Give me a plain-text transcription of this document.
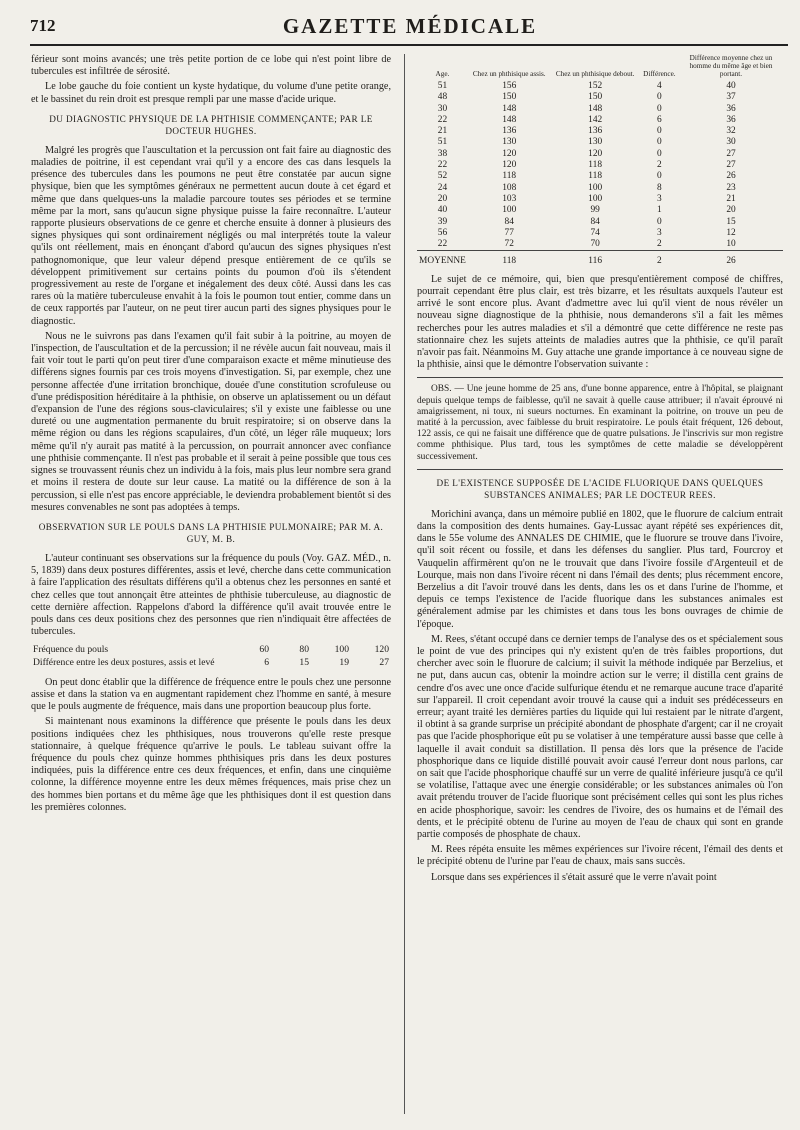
712	GAZETTE MÉDICALE

férieur sont moins avancés; une très petite portion de ce lobe qui n'est point libre de tubercules est infiltrée de sérosité.

Le lobe gauche du foie contient un kyste hydatique, du volume d'une petite orange, et le bassinet du rein droit est presque rempli par une masse d'acide urique.

DU DIAGNOSTIC PHYSIQUE DE LA PHTHISIE COMMENÇANTE; PAR LE DOCTEUR HUGHES.

Malgré les progrès que l'auscultation et la percussion ont fait faire au diagnostic des maladies de poitrine, il est cependant vrai qu'il y a encore des cas dans lesquels la présence des tubercules dans les poumons ne peut être constatée par aucun signe physique, bien que les symptômes généraux ne permettent aucun doute à cet égard et même que dans quelques-uns la maladie parcoure toutes ses périodes et se termine même par la mort, sans qu'aucun signe physique puisse la faire reconnaître. L'auteur rapporte plusieurs observations de ce genre et cherche ensuite à donner à plusieurs des signes physiques qui sont ordinairement négligés ou mal interprétés toute la valeur qu'ils ont réellement, mais en énonçant d'abord qu'aucun des signes physiques n'est pathognomonique, que leur valeur dépend presque entièrement de ce qu'ils se développent primitivement sur certains points du poumon d'où ils s'étendent progressivement au reste de l'organe et inégalement des deux côté. Aussi dans les cas rares où la matière tuberculeuse envahit à la fois le poumon tout entier, comme dans un de ceux rapportés par l'auteur, on ne peut tirer aucun parti des signes physiques pour le diagnostic.

Nous ne le suivrons pas dans l'examen qu'il fait subir à la poitrine, au moyen de l'inspection, de l'auscultation et de la percussion; il ne révèle aucun fait nouveau, mais il fait voir tout le parti qu'on peut tirer d'une comparaison exacte et même minutieuse des différens signes fournis par ces trois moyens d'investigation. Si, par exemple, chez une personne affectée d'une irritation bronchique, douée d'une constitution scrofuleuse ou d'une prédisposition héréditaire à la phthisie, on observe un aplatissement ou un défaut d'expansion de l'une des régions sous-claviculaires; s'il y existe une faiblesse ou une dureté ou une augmentation permanente du bruit respiratoire; si on observe dans la même région ou dans les régions scapulaires, d'un côté, un léger râle muqueux; lors même qu'il n'y aurait pas matité à la percussion, on pourrait annoncer avec confiance une phthisie commençante. Il n'est pas probable et il serait à peine possible que tous ces signes se trouvassent réunis chez un individu à la fois, mais plus leur nombre sera grand et moins il restera de doute sur leur cause. La matité ou la différence de son à la percussion, si elle n'est pas encore appréciable, le deviendra probablement bientôt si des mesures convenables ne sont pas adoptées à temps.

OBSERVATION SUR LE POULS DANS LA PHTHISIE PULMONAIRE; PAR M. A. GUY, M. B.

L'auteur continuant ses observations sur la fréquence du pouls (Voy. GAZ. MÉD., n. 5, 1839) dans deux postures différentes, assis et levé, cherche dans cette communication à faire l'application des résultats différens qu'il a obtenus chez les personnes en santé et chez celles que tout annonçait être atteintes de phthisie tuberculeuse, au diagnostic de cette dernière affection. Rappelons d'abord la différence qu'il avait trouvée entre le pouls dans ces deux positions chez des personnes que rien n'indiquait être affectées de tubercules.

Fréquence du pouls	60	80	100	120
Différence entre les deux postures, assis et levé	6	15	19	27

On peut donc établir que la différence de fréquence entre le pouls chez une personne assise et dans la station va en augmentant rapidement chez l'homme en santé, à mesure que le pouls augmente de fréquence, mais dans une proportion beaucoup plus forte.

Si maintenant nous examinons la différence que présente le pouls dans les deux positions indiquées chez les phthisiques, nous trouverons qu'elle reste presque stationnaire, à quelque fréquence qu'arrive le pouls. Le tableau suivant offre la fréquence du pouls chez quinze hommes phthisiques pris dans les deux postures indiquées, puis la différence entre ces deux fréquences, et enfin, dans une cinquième colonne, la différence moyenne entre les deux mêmes fréquences, mais prise chez un des hommes bien portans et du même âge que les phthisiques dont il est question dans les premières colonnes.

Age.	Chez un phthisique assis.	Chez un phthisique debout.	Différence.	Différence moyenne chez un homme du même âge et bien portant.
51	156	152	4	40
48	150	150	0	37
30	148	148	0	36
22	148	142	6	36
21	136	136	0	32
51	130	130	0	30
38	120	120	0	27
22	120	118	2	27
52	118	118	0	26
24	108	100	8	23
20	103	100	3	21
40	100	99	1	20
39	84	84	0	15
56	77	74	3	12
22	72	70	2	10
MOYENNE	118	116	2	26

Le sujet de ce mémoire, qui, bien que presqu'entièrement composé de chiffres, pourrait cependant être plus clair, est très bizarre, et les résultats auxquels l'auteur est arrivé le sont encore plus. Avant d'admettre avec lui qu'il vient de nous révéler un nouveau signe diagnostique de la phthisie, nous demanderons s'il a fait les mêmes recherches pour les autres maladies et s'il a démontré que cette différence ne reste pas stationnaire chez les sujets atteints de maladies autres que la phthisie, ce qu'il paraît n'avoir pas fait. Néanmoins M. Guy attache une grande importance à ce nouveau signe de la phthisie, ainsi que le démontre l'observation suivante :

OBS. — Une jeune homme de 25 ans, d'une bonne apparence, entre à l'hôpital, se plaignant depuis quelque temps de faiblesse, qu'il ne savait à quelle cause attribuer; il n'avait éprouvé ni amaigrissement, ni toux, ni sueurs nocturnes. En examinant la poitrine, on trouve un peu de matité à la percussion, avec faiblesse du bruit respiratoire. Le pouls était fréquent, 126 debout, 122 assis, ce qui ne faisait une différence que de quatre pulsations. Je l'inscrivis sur mon registre comme phthisique. Plus tard, tous les symptômes de cette maladie se développèrent successivement.

DE L'EXISTENCE SUPPOSÉE DE L'ACIDE FLUORIQUE DANS QUELQUES SUBSTANCES ANIMALES; PAR LE DOCTEUR REES.

Morichini avança, dans un mémoire publié en 1802, que le fluorure de calcium entrait dans la composition des dents humaines. Gay-Lussac ayant répété ses expériences dit, dans le 55e volume des ANNALES DE CHIMIE, que le fluorure se trouve dans l'ivoire, qu'il soit récent ou fossile, et dans les défenses du sanglier. Plus tard, Fourcroy et Vauquelin affirmèrent qu'on ne le trouvait que dans l'ivoire fossile d'Argenteuil et de Lourque, mais non dans l'ivoire récent ni dans l'émail des dents; plus récemment encore, Berzelius a dit l'avoir trouvé dans les dents, dans les os et dans l'urine de l'homme, et depuis ce temps l'existence de l'acide fluorique dans les substances animales est généralement admise par les chimistes et dans tous les bons ouvrages de chimie de l'époque.

M. Rees, s'étant occupé dans ce dernier temps de l'analyse des os et spécialement sous le point de vue des principes qui n'y existent qu'en de très faibles proportions, dut chercher avec soin le fluorure de calcium; il suivit la méthode indiquée par Berzelius, et ne put, dans aucun cas, obtenir la moindre action sur le verre; il distilla cent grains de cendre d'os avec une once d'acide sulfurique étendu et ne remarque aucune trace d'aparité sur l'appareil. Il croit cependant avoir trouvé la cause qui a induit ses prédécesseurs en erreur; ayant traité les dernières parties du liquide qui lui restaient par le nitrate d'argent, il obtint à sa grande surprise un précipité abondant de phosphate d'argent; car il ne croyait pas que l'acide phosphorique eût pu se volatiser à une température aussi basse que celle à laquelle il avait conduit sa distillation. Il pensa dès lors que la présence de l'acide phosphorique dans ce liquide distillé pouvait avoir causé l'erreur dont nous parlons, car on sait que l'acide phosphorique chauffé sur un verre de qualité inférieure jusqu'à ce qu'il se volatilise, l'attaque avec une énergie considérable; or les substances animales où l'on avait prétendu trouver de l'acide fluorique sont précisément celles qui sont les plus riches en acide phosphorique, savoir: les cendres de l'ivoire, des os humains et de l'émail des dents, et le précipité obtenu de l'urine au moyen de l'eau de chaux qui sont en grande partie composés de phosphate de chaux.

M. Rees répéta ensuite les mêmes expériences sur l'ivoire récent, l'émail des dents et le précipité obtenu de l'urine par l'eau de chaux, mais sans succès.

Lorsque dans ses expériences il s'était assuré que le verre n'avait point
